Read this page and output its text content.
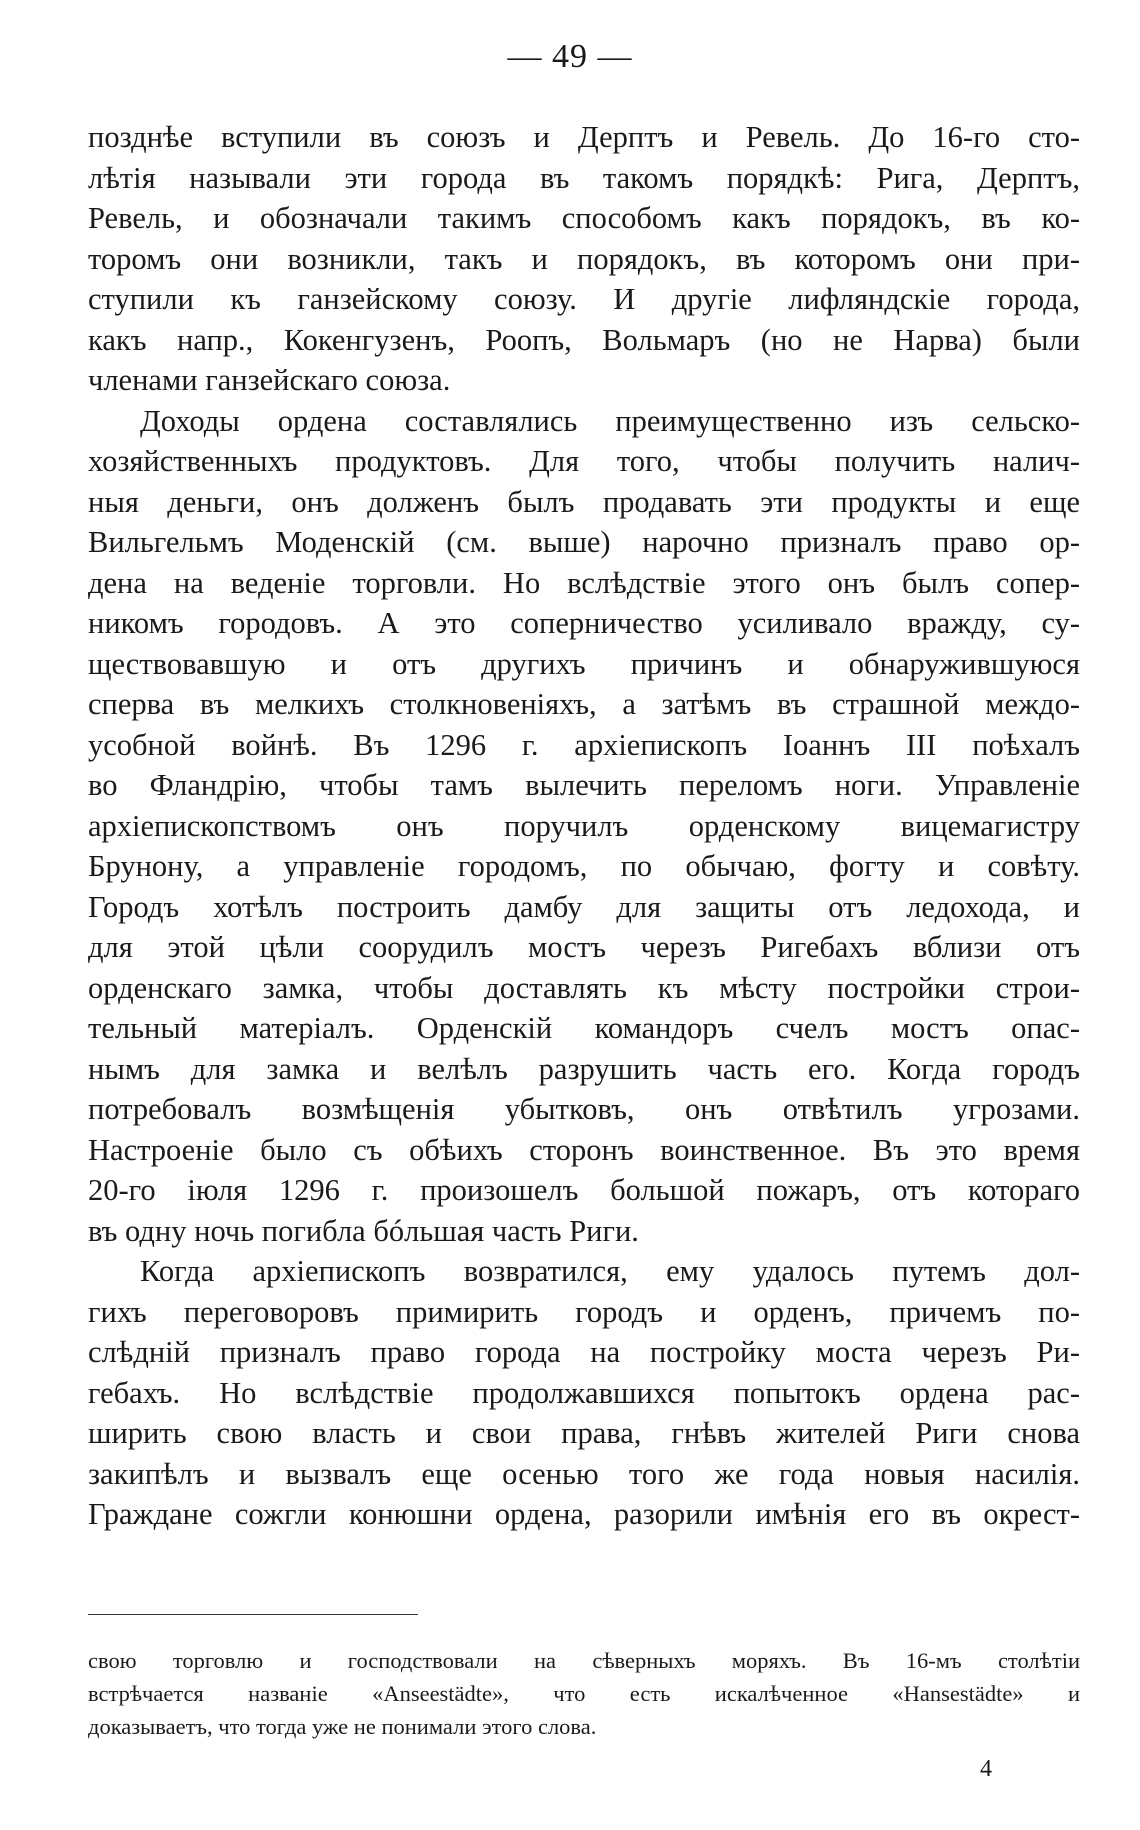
— 49 —
позднѣе вступили въ союзъ и Дерптъ и Ревель. До 16-го сто-
лѣтія называли эти города въ такомъ порядкѣ: Рига, Дерптъ,
Ревель, и обозначали такимъ способомъ какъ порядокъ, въ ко-
торомъ они возникли, такъ и порядокъ, въ которомъ они при-
ступили къ ганзейскому союзу. И другіе лифляндскіе города,
какъ напр., Кокенгузенъ, Роопъ, Вольмаръ (но не Нарва) были
членами ганзейскаго союза.
Доходы ордена составлялись преимущественно изъ сельско-
хозяйственныхъ продуктовъ. Для того, чтобы получить налич-
ныя деньги, онъ долженъ былъ продавать эти продукты и еще
Вильгельмъ Моденскій (см. выше) нарочно призналъ право ор-
дена на веденіе торговли. Но вслѣдствіе этого онъ былъ сопер-
никомъ городовъ. А это соперничество усиливало вражду, су-
ществовавшую и отъ другихъ причинъ и обнаружившуюся
сперва въ мелкихъ столкновеніяхъ, а затѣмъ въ страшной междо-
усобной войнѣ. Въ 1296 г. архіепископъ Іоаннъ III поѣхалъ
во Фландрію, чтобы тамъ вылечить переломъ ноги. Управленіе
архіепископствомъ онъ поручилъ орденскому вицемагистру
Брунону, а управленіе городомъ, по обычаю, фогту и совѣту.
Городъ хотѣлъ построить дамбу для защиты отъ ледохода, и
для этой цѣли соорудилъ мостъ черезъ Ригебахъ вблизи отъ
орденскаго замка, чтобы доставлять къ мѣсту постройки строи-
тельный матеріалъ. Орденскій командоръ счелъ мостъ опас-
нымъ для замка и велѣлъ разрушить часть его. Когда городъ
потребовалъ возмѣщенія убытковъ, онъ отвѣтилъ угрозами.
Настроеніе было съ обѣихъ сторонъ воинственное. Въ это время
20-го іюля 1296 г. произошелъ большой пожаръ, отъ котораго
въ одну ночь погибла бóльшая часть Риги.
Когда архіепископъ возвратился, ему удалось путемъ дол-
гихъ переговоровъ примирить городъ и орденъ, причемъ по-
слѣдній призналъ право города на постройку моста черезъ Ри-
гебахъ. Но вслѣдствіе продолжавшихся попытокъ ордена рас-
ширить свою власть и свои права, гнѣвъ жителей Риги снова
закипѣлъ и вызвалъ еще осенью того же года новыя насилія.
Граждане сожгли конюшни ордена, разорили имѣнія его въ окрест-
свою торговлю и господствовали на сѣверныхъ моряхъ. Въ 16-мъ столѣтіи
встрѣчается названіе «Anseestädte», что есть искалѣченное «Hansestädte» и
доказываетъ, что тогда уже не понимали этого слова.
4
